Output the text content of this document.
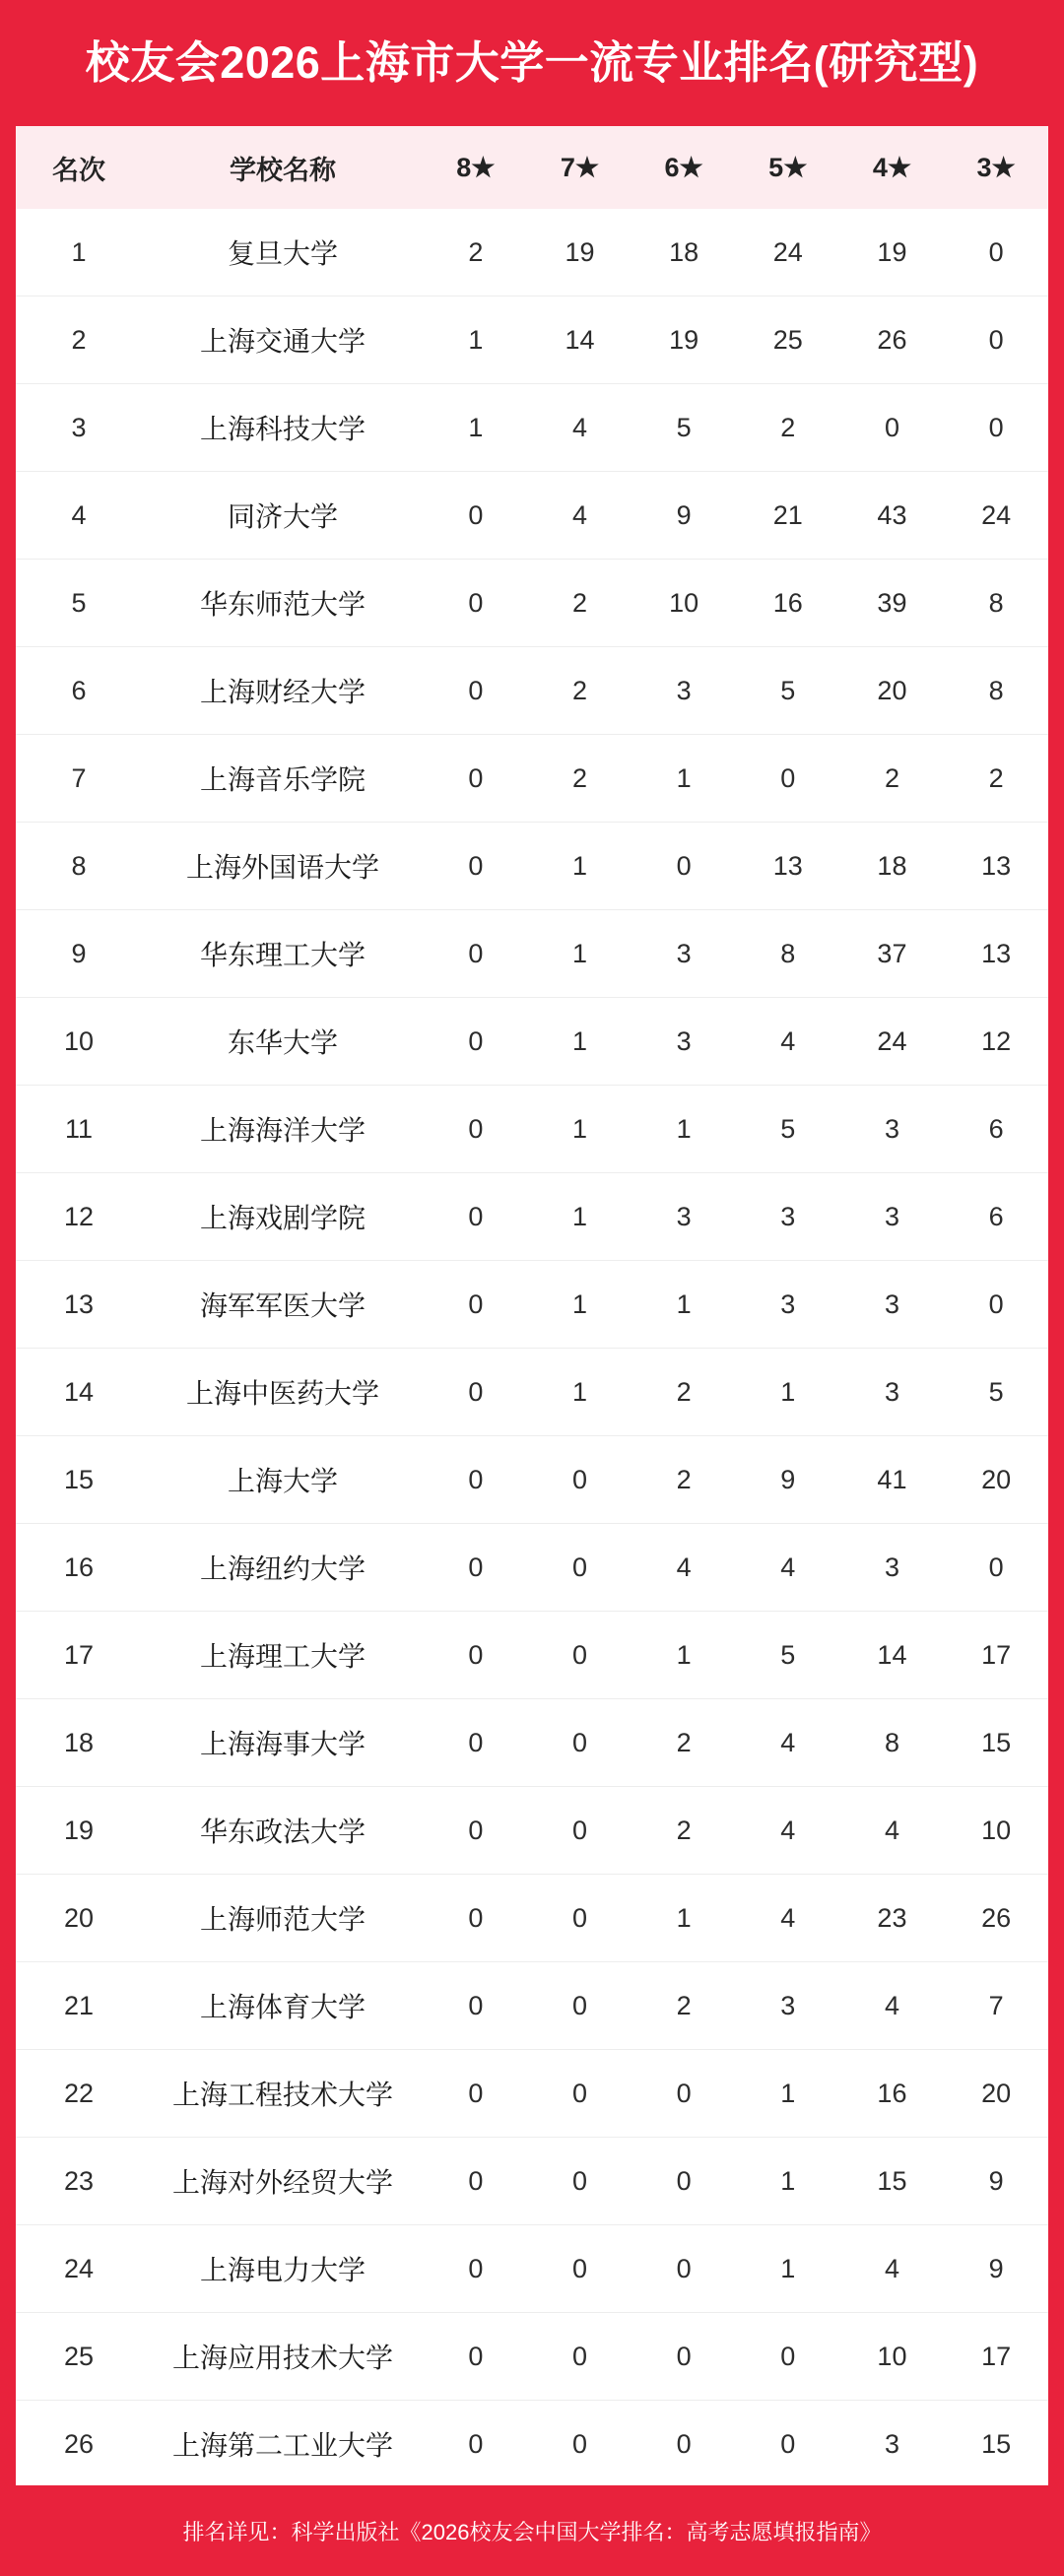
校友会2026上海市大学一流专业排名(研究型)
名次	学校名称	8★	7★	6★	5★	4★	3★
1	复旦大学	2	19	18	24	19	0
2	上海交通大学	1	14	19	25	26	0
3	上海科技大学	1	4	5	2	0	0
4	同济大学	0	4	9	21	43	24
5	华东师范大学	0	2	10	16	39	8
6	上海财经大学	0	2	3	5	20	8
7	上海音乐学院	0	2	1	0	2	2
8	上海外国语大学	0	1	0	13	18	13
9	华东理工大学	0	1	3	8	37	13
10	东华大学	0	1	3	4	24	12
11	上海海洋大学	0	1	1	5	3	6
12	上海戏剧学院	0	1	3	3	3	6
13	海军军医大学	0	1	1	3	3	0
14	上海中医药大学	0	1	2	1	3	5
15	上海大学	0	0	2	9	41	20
16	上海纽约大学	0	0	4	4	3	0
17	上海理工大学	0	0	1	5	14	17
18	上海海事大学	0	0	2	4	8	15
19	华东政法大学	0	0	2	4	4	10
20	上海师范大学	0	0	1	4	23	26
21	上海体育大学	0	0	2	3	4	7
22	上海工程技术大学	0	0	0	1	16	20
23	上海对外经贸大学	0	0	0	1	15	9
24	上海电力大学	0	0	0	1	4	9
25	上海应用技术大学	0	0	0	0	10	17
26	上海第二工业大学	0	0	0	0	3	15
排名详见：科学出版社《2026校友会中国大学排名：高考志愿填报指南》
